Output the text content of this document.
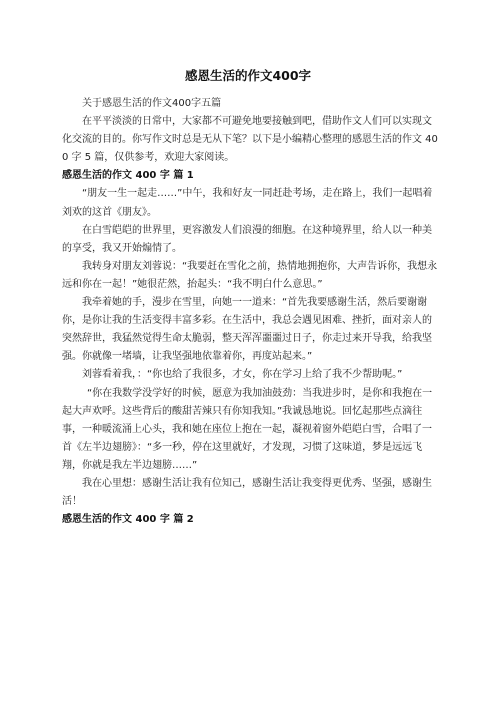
感恩生活的作文400字

关于感恩生活的作文400字五篇

在平平淡淡的日常中，大家都不可避免地要接触到吧，借助作文人们可以实现文化交流的目的。你写作文时总是无从下笔？以下是小编精心整理的感恩生活的作文 400 字 5 篇，仅供参考，欢迎大家阅读。

感恩生活的作文 400 字 篇 1

“朋友一生一起走……”中午，我和好友一同赶赴考场，走在路上，我们一起唱着刘欢的这首《朋友》。

在白雪皑皑的世界里，更容激发人们浪漫的细胞。在这种境界里，给人以一种美的享受，我又开始煽情了。

我转身对朋友刘蓉说：“我要赶在雪化之前，热情地拥抱你，大声告诉你，我想永远和你在一起！”她很茫然，抬起头：“我不明白什么意思。”

我牵着她的手，漫步在雪里，向她一一道来：“首先我要感谢生活，然后要谢谢你，是你让我的生活变得丰富多彩。在生活中，我总会遇见困难、挫折，面对亲人的突然辞世，我猛然觉得生命太脆弱，整天浑浑噩噩过日子，你走过来开导我，给我坚强。你就像一堵墙，让我坚强地依靠着你，再度站起来。”

刘蓉看着我，：“你也给了我很多，才女，你在学习上给了我不少帮助呢。”

“你在我数学没学好的时候，愿意为我加油鼓劲：当我进步时，是你和我抱在一起大声欢呼。这些背后的酸甜苦辣只有你知我知。”我诚恳地说。回忆起那些点滴往事，一种暖流涌上心头，我和她在座位上抱在一起，凝视着窗外皑皑白雪，合唱了一首《左半边翅膀》：“多一秒，停在这里就好，才发现，习惯了这味道，梦是远远飞翔，你就是我左半边翅膀……”

我在心里想：感谢生活让我有位知己，感谢生活让我变得更优秀、坚强，感谢生活！

感恩生活的作文 400 字 篇 2
